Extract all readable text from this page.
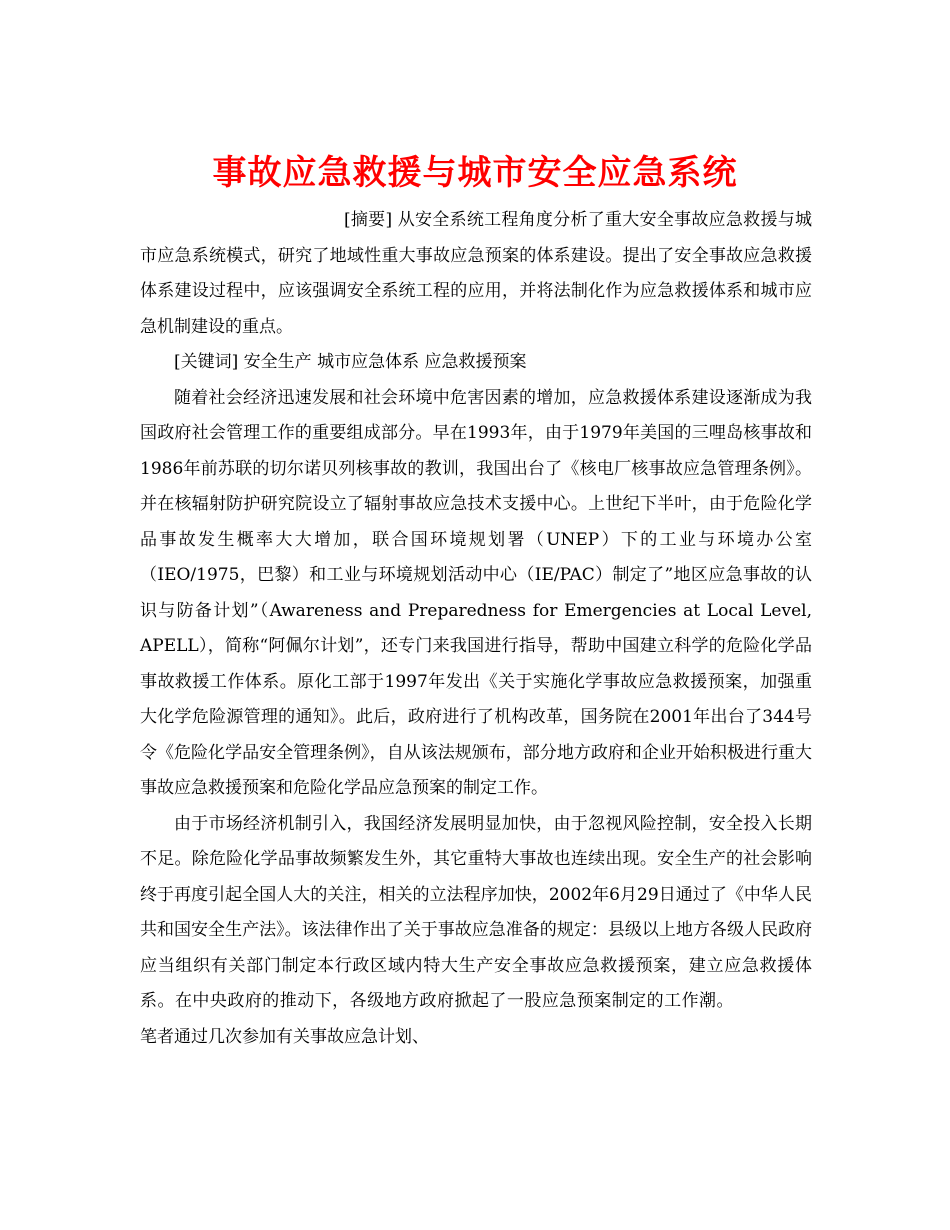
事故应急救援与城市安全应急系统

[摘要] 从安全系统工程角度分析了重大安全事故应急救援与城市应急系统模式，研究了地域性重大事故应急预案的体系建设。提出了安全事故应急救援体系建设过程中，应该强调安全系统工程的应用，并将法制化作为应急救援体系和城市应急机制建设的重点。

[关键词] 安全生产 城市应急体系 应急救援预案

随着社会经济迅速发展和社会环境中危害因素的增加，应急救援体系建设逐渐成为我国政府社会管理工作的重要组成部分。早在1993年，由于1979年美国的三哩岛核事故和1986年前苏联的切尔诺贝列核事故的教训，我国出台了《核电厂核事故应急管理条例》。并在核辐射防护研究院设立了辐射事故应急技术支援中心。上世纪下半叶，由于危险化学品事故发生概率大大增加，联合国环境规划署（UNEP）下的工业与环境办公室（IEO/1975，巴黎）和工业与环境规划活动中心（IE/PAC）制定了”地区应急事故的认识与防备计划”（Awareness and Preparedness for Emergencies at Local Level, APELL），简称“阿佩尔计划”，还专门来我国进行指导，帮助中国建立科学的危险化学品事故救援工作体系。原化工部于1997年发出《关于实施化学事故应急救援预案，加强重大化学危险源管理的通知》。此后，政府进行了机构改革，国务院在2001年出台了344号令《危险化学品安全管理条例》，自从该法规颁布，部分地方政府和企业开始积极进行重大事故应急救援预案和危险化学品应急预案的制定工作。

由于市场经济机制引入，我国经济发展明显加快，由于忽视风险控制，安全投入长期不足。除危险化学品事故频繁发生外，其它重特大事故也连续出现。安全生产的社会影响终于再度引起全国人大的关注，相关的立法程序加快，2002年6月29日通过了《中华人民共和国安全生产法》。该法律作出了关于事故应急准备的规定：县级以上地方各级人民政府应当组织有关部门制定本行政区域内特大生产安全事故应急救援预案，建立应急救援体系。在中央政府的推动下，各级地方政府掀起了一股应急预案制定的工作潮。笔者通过几次参加有关事故应急计划、
